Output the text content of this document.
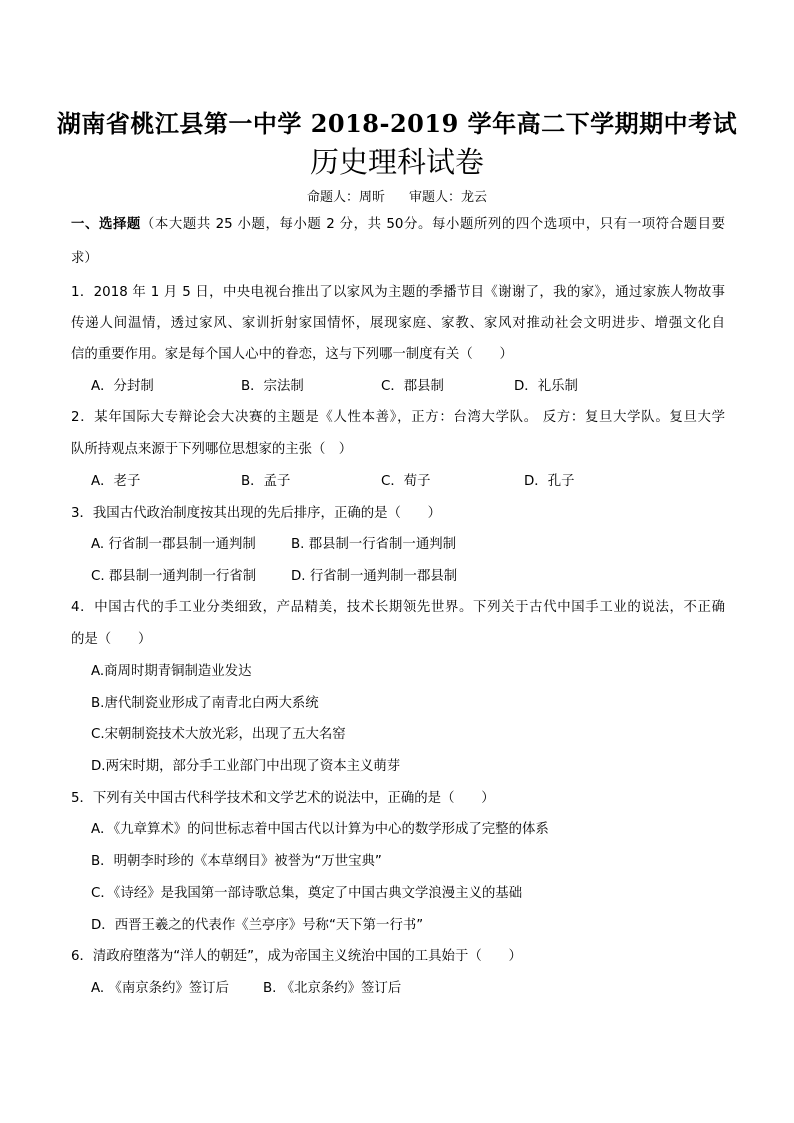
湖南省桃江县第一中学 2018-2019 学年高二下学期期中考试
历史理科试卷
命题人：周昕 审题人：龙云
一、选择题（本大题共 25 小题，每小题 2 分，共 50分。每小题所列的四个选项中，只有一项符合题目要
求）
1．2018 年 1 月 5 日，中央电视台推出了以家风为主题的季播节目《谢谢了，我的家》，通过家族人物故事
传递人间温情，透过家风、家训折射家国情怀，展现家庭、家教、家风对推动社会文明进步、增强文化自
信的重要作用。家是每个国人心中的眷恋，这与下列哪一制度有关（　　）
A．分封制	B．宗法制	C．郡县制	D．礼乐制
2．某年国际大专辩论会大决赛的主题是《人性本善》，正方：台湾大学队。 反方：复旦大学队。复旦大学
队所持观点来源于下列哪位思想家的主张（　）
A．老子	B．孟子	C．荀子	D．孔子
3．我国古代政治制度按其出现的先后排序，正确的是（　　）
A. 行省制一郡县制一通判制	B. 郡县制一行省制一通判制
C. 郡县制一通判制一行省制	D. 行省制一通判制一郡县制
4．中国古代的手工业分类细致，产品精美，技术长期领先世界。下列关于古代中国手工业的说法，不正确
的是（　　）
A.商周时期青铜制造业发达
B.唐代制瓷业形成了南青北白两大系统
C.宋朝制瓷技术大放光彩，出现了五大名窑
D.两宋时期，部分手工业部门中出现了资本主义萌芽
5．下列有关中国古代科学技术和文学艺术的说法中，正确的是（　　）
A．《九章算术》的问世标志着中国古代以计算为中心的数学形成了完整的体系
B．明朝李时珍的《本草纲目》被誉为“万世宝典”
C．《诗经》是我国第一部诗歌总集，奠定了中国古典文学浪漫主义的基础
D．西晋王羲之的代表作《兰亭序》号称“天下第一行书”
6．清政府堕落为“洋人的朝廷”，成为帝国主义统治中国的工具始于（　　）
A. 《南京条约》签订后	B. 《北京条约》签订后
